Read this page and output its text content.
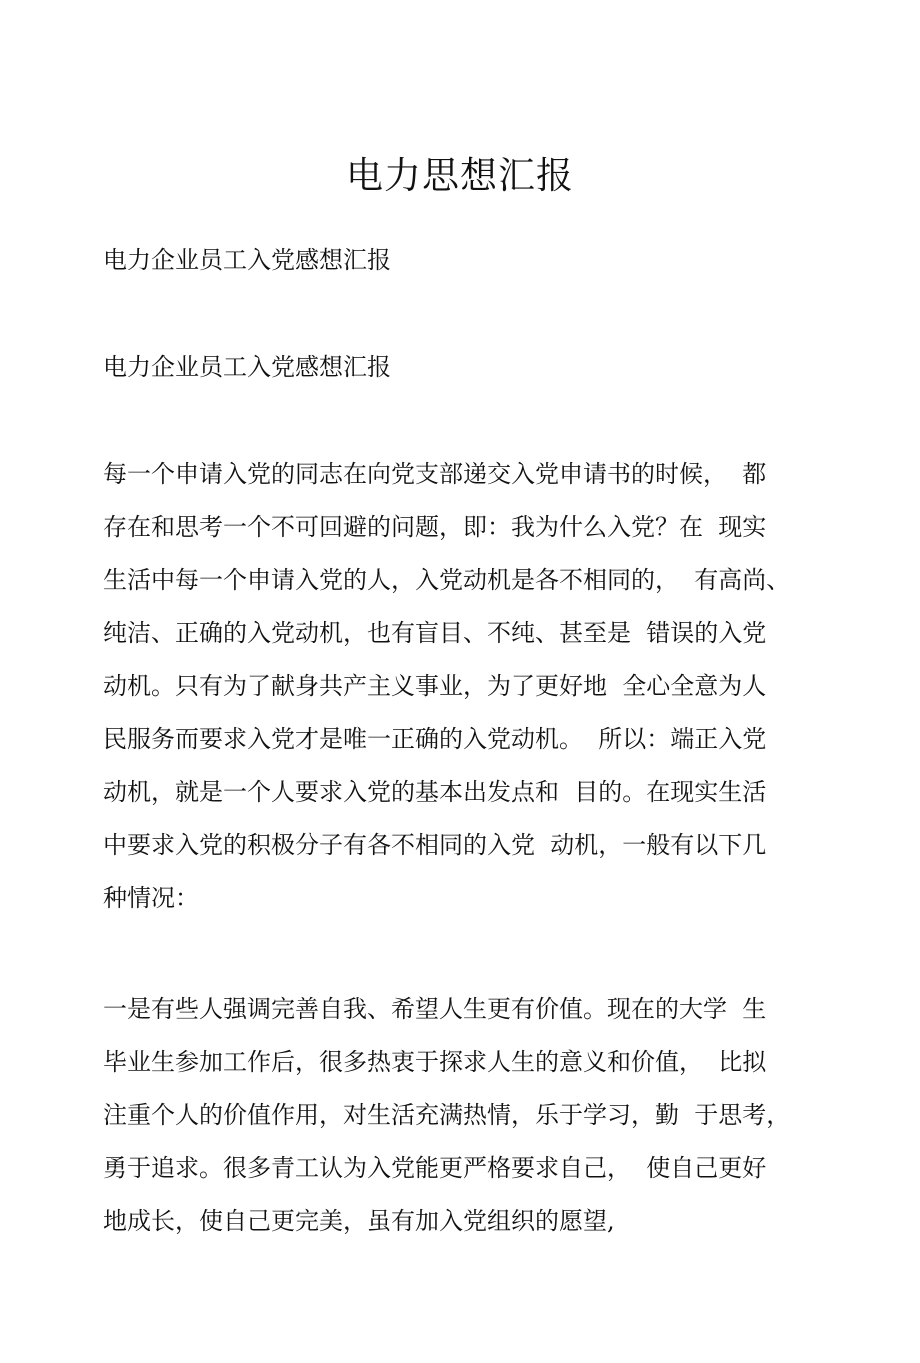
电力思想汇报
电力企业员工入党感想汇报
电力企业员工入党感想汇报
每一个申请入党的同志在向党支部递交入党申请书的时候，  都
存在和思考一个不可回避的问题，即：我为什么入党？在  现实
生活中每一个申请入党的人，入党动机是各不相同的，  有高尚、
纯洁、正确的入党动机，也有盲目、不纯、甚至是  错误的入党
动机。只有为了献身共产主义事业，为了更好地  全心全意为人
民服务而要求入党才是唯一正确的入党动机。  所以：端正入党
动机，就是一个人要求入党的基本出发点和  目的。在现实生活
中要求入党的积极分子有各不相同的入党  动机，一般有以下几
种情况：
一是有些人强调完善自我、希望人生更有价值。现在的大学  生
毕业生参加工作后，很多热衷于探求人生的意义和价值，  比拟
注重个人的价值作用，对生活充满热情，乐于学习，勤  于思考，
勇于追求。很多青工认为入党能更严格要求自己，  使自己更好
地成长，使自己更完美，虽有加入党组织的愿望,
